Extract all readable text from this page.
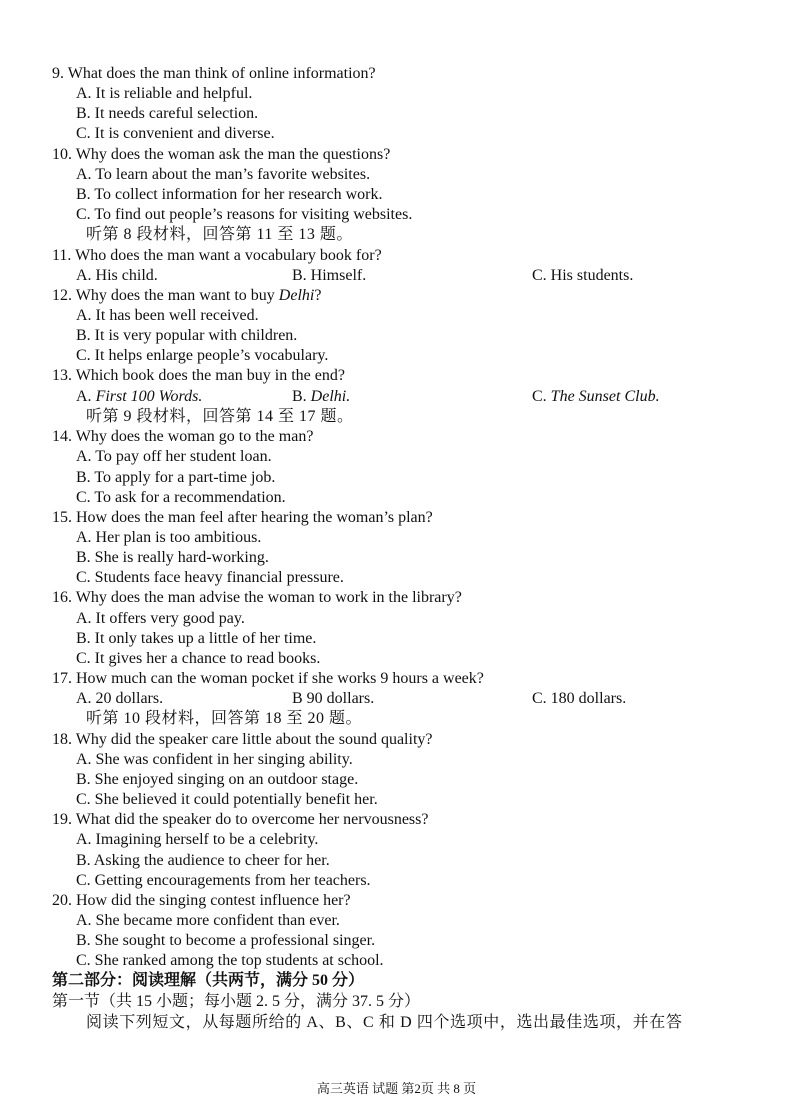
9. What does the man think of online information?
A. It is reliable and helpful.
B. It needs careful selection.
C. It is convenient and diverse.
10. Why does the woman ask the man the questions?
A. To learn about the man’s favorite websites.
B. To collect information for her research work.
C. To find out people’s reasons for visiting websites.
听第 8 段材料，回答第 11 至 13 题。
11. Who does the man want a vocabulary book for?
A. His child.	B. Himself.	C. His students.
12. Why does the man want to buy Delhi?
A. It has been well received.
B. It is very popular with children.
C. It helps enlarge people’s vocabulary.
13. Which book does the man buy in the end?
A. First 100 Words.	B. Delhi.	C. The Sunset Club.
听第 9 段材料，回答第 14 至 17 题。
14. Why does the woman go to the man?
A. To pay off her student loan.
B. To apply for a part-time job.
C. To ask for a recommendation.
15. How does the man feel after hearing the woman’s plan?
A. Her plan is too ambitious.
B. She is really hard-working.
C. Students face heavy financial pressure.
16. Why does the man advise the woman to work in the library?
A. It offers very good pay.
B. It only takes up a little of her time.
C. It gives her a chance to read books.
17. How much can the woman pocket if she works 9 hours a week?
A. 20 dollars.	B 90 dollars.	C. 180 dollars.
听第 10 段材料，回答第 18 至 20 题。
18. Why did the speaker care little about the sound quality?
A. She was confident in her singing ability.
B. She enjoyed singing on an outdoor stage.
C. She believed it could potentially benefit her.
19. What did the speaker do to overcome her nervousness?
A. Imagining herself to be a celebrity.
B. Asking the audience to cheer for her.
C. Getting encouragements from her teachers.
20. How did the singing contest influence her?
A. She became more confident than ever.
B. She sought to become a professional singer.
C. She ranked among the top students at school.
第二部分：阅读理解（共两节，满分 50 分）
第一节（共 15 小题；每小题 2. 5 分，满分 37. 5 分）
阅读下列短文，从每题所给的 A、B、C 和 D 四个选项中，选出最佳选项，并在答
高三英语 试题 第2页 共 8 页
